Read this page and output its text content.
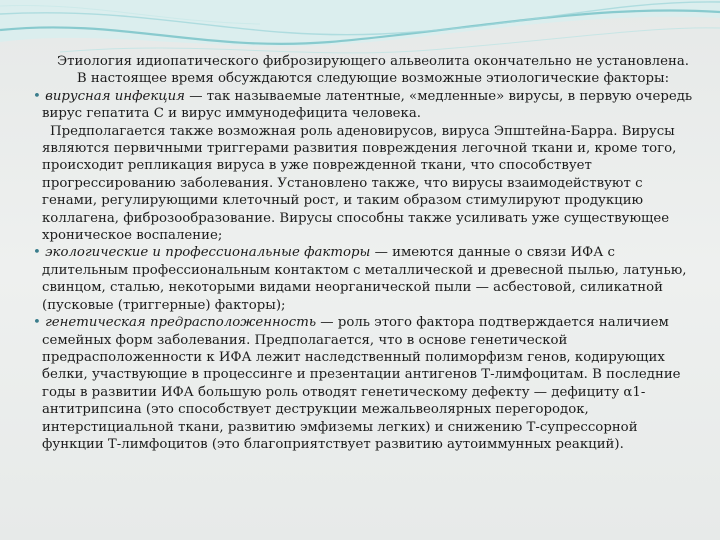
Этиология идиопатического фиброзирующего альвеолита окончательно не установлена. В настоящее время обсуждаются следующие возможные этиологические факторы:

• вирусная инфекция — так называемые латентные, «медленные» вирусы, в первую очередь вирус гепатита C и вирус иммунодефицита человека.

Предполагается также возможная роль аденовирусов, вируса Эпштейна-Барра. Вирусы являются первичными триггерами развития повреждения легочной ткани и, кроме того, происходит репликация вируса в уже поврежденной ткани, что способствует прогрессированию заболевания. Установлено также, что вирусы взаимодействуют с генами, регулирующими клеточный рост, и таким образом стимулируют продукцию коллагена, фиброзообразование. Вирусы способны также усиливать уже существующее хроническое воспаление;

• экологические и профессиональные факторы — имеются данные о связи ИФА с длительным профессиональным контактом с металлической и древесной пылью, латунью, свинцом, сталью, некоторыми видами неорганической пыли — асбестовой, силикатной (пусковые (триггерные) факторы);

• генетическая предрасположенность — роль этого фактора подтверждается наличием семейных форм заболевания. Предполагается, что в основе генетической предрасположенности к ИФА лежит наследственный полиморфизм генов, кодирующих белки, участвующие в процессинге и презентации антигенов Т-лимфоцитам. В последние годы в развитии ИФА большую роль отводят генетическому дефекту — дефициту α1-антитрипсина (это способствует деструкции межальвеолярных перегородок, интерстициальной ткани, развитию эмфиземы легких) и снижению Т-супрессорной функции Т-лимфоцитов (это благоприятствует развитию аутоиммунных реакций).
